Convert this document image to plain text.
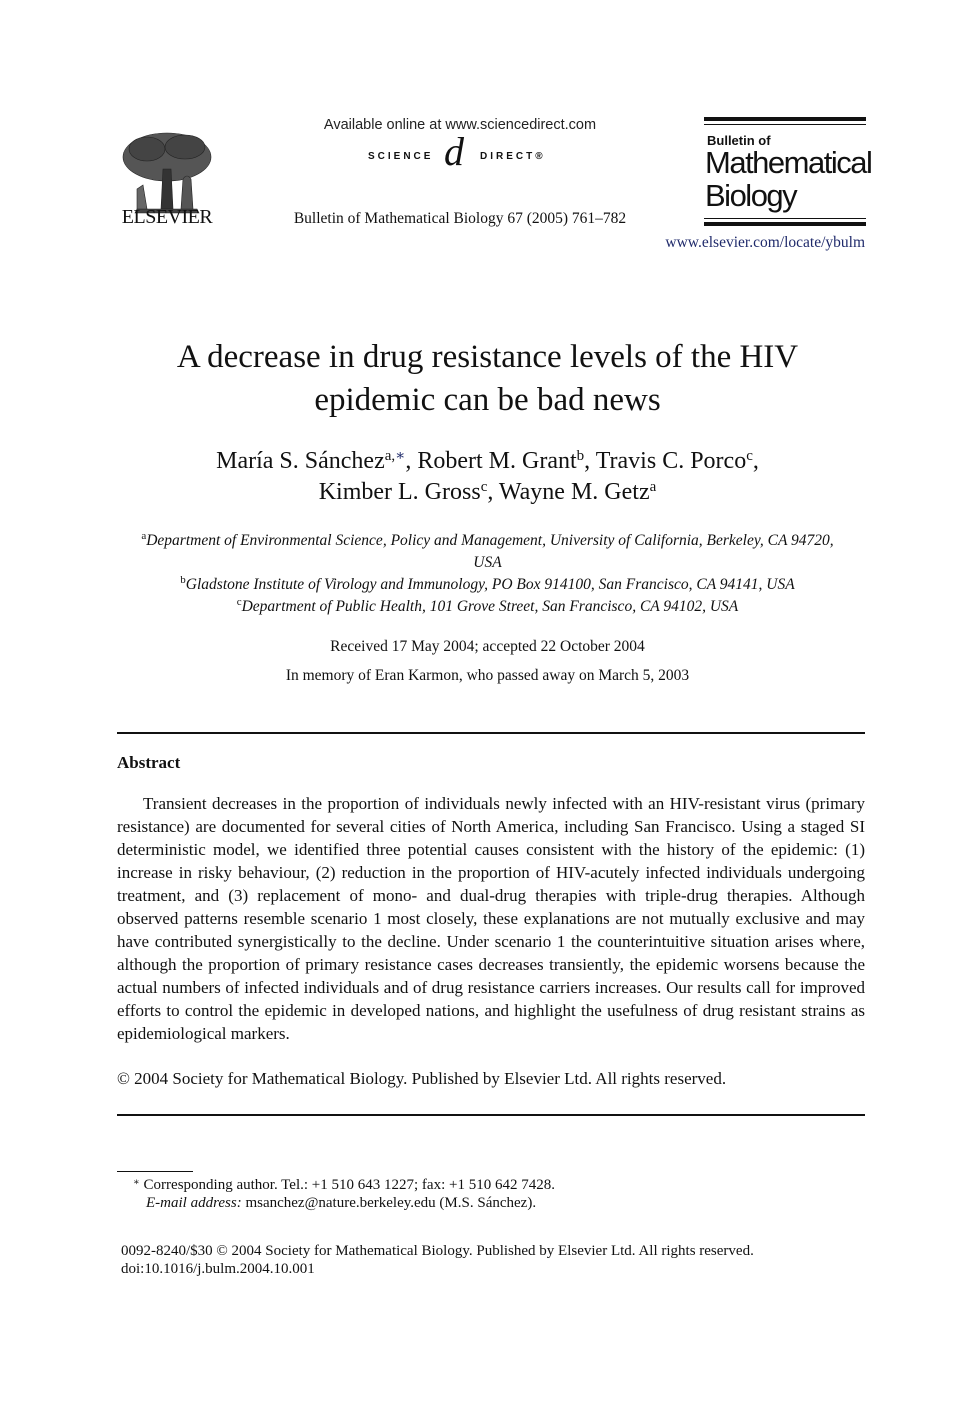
ELSEVIER
Available online at www.sciencedirect.com
SCIENCE d DIRECT®
Bulletin of Mathematical Biology 67 (2005) 761–782
Bulletin of
Mathematical
Biology
www.elsevier.com/locate/ybulm
A decrease in drug resistance levels of the HIV
epidemic can be bad news
María S. Sánchez$^{a,∗}$, Robert M. Grant$^b$, Travis C. Porco$^c$,
Kimber L. Gross$^c$, Wayne M. Getz$^a$
$^a$Department of Environmental Science, Policy and Management, University of California, Berkeley, CA 94720,
USA
$^b$Gladstone Institute of Virology and Immunology, PO Box 914100, San Francisco, CA 94141, USA
$^c$Department of Public Health, 101 Grove Street, San Francisco, CA 94102, USA
Received 17 May 2004; accepted 22 October 2004
In memory of Eran Karmon, who passed away on March 5, 2003
Abstract
Transient decreases in the proportion of individuals newly infected with an HIV-resistant virus (primary resistance) are documented for several cities of North America, including San Francisco. Using a staged SI deterministic model, we identified three potential causes consistent with the history of the epidemic: (1) increase in risky behaviour, (2) reduction in the proportion of HIV-acutely infected individuals undergoing treatment, and (3) replacement of mono- and dual-drug therapies with triple-drug therapies. Although observed patterns resemble scenario 1 most closely, these explanations are not mutually exclusive and may have contributed synergistically to the decline. Under scenario 1 the counterintuitive situation arises where, although the proportion of primary resistance cases decreases transiently, the epidemic worsens because the actual numbers of infected individuals and of drug resistance carriers increases. Our results call for improved efforts to control the epidemic in developed nations, and highlight the usefulness of drug resistant strains as epidemiological markers.
© 2004 Society for Mathematical Biology. Published by Elsevier Ltd. All rights reserved.
∗ Corresponding author. Tel.: +1 510 643 1227; fax: +1 510 642 7428.
E-mail address: msanchez@nature.berkeley.edu (M.S. Sánchez).
0092-8240/$30 © 2004 Society for Mathematical Biology. Published by Elsevier Ltd. All rights reserved.
doi:10.1016/j.bulm.2004.10.001
